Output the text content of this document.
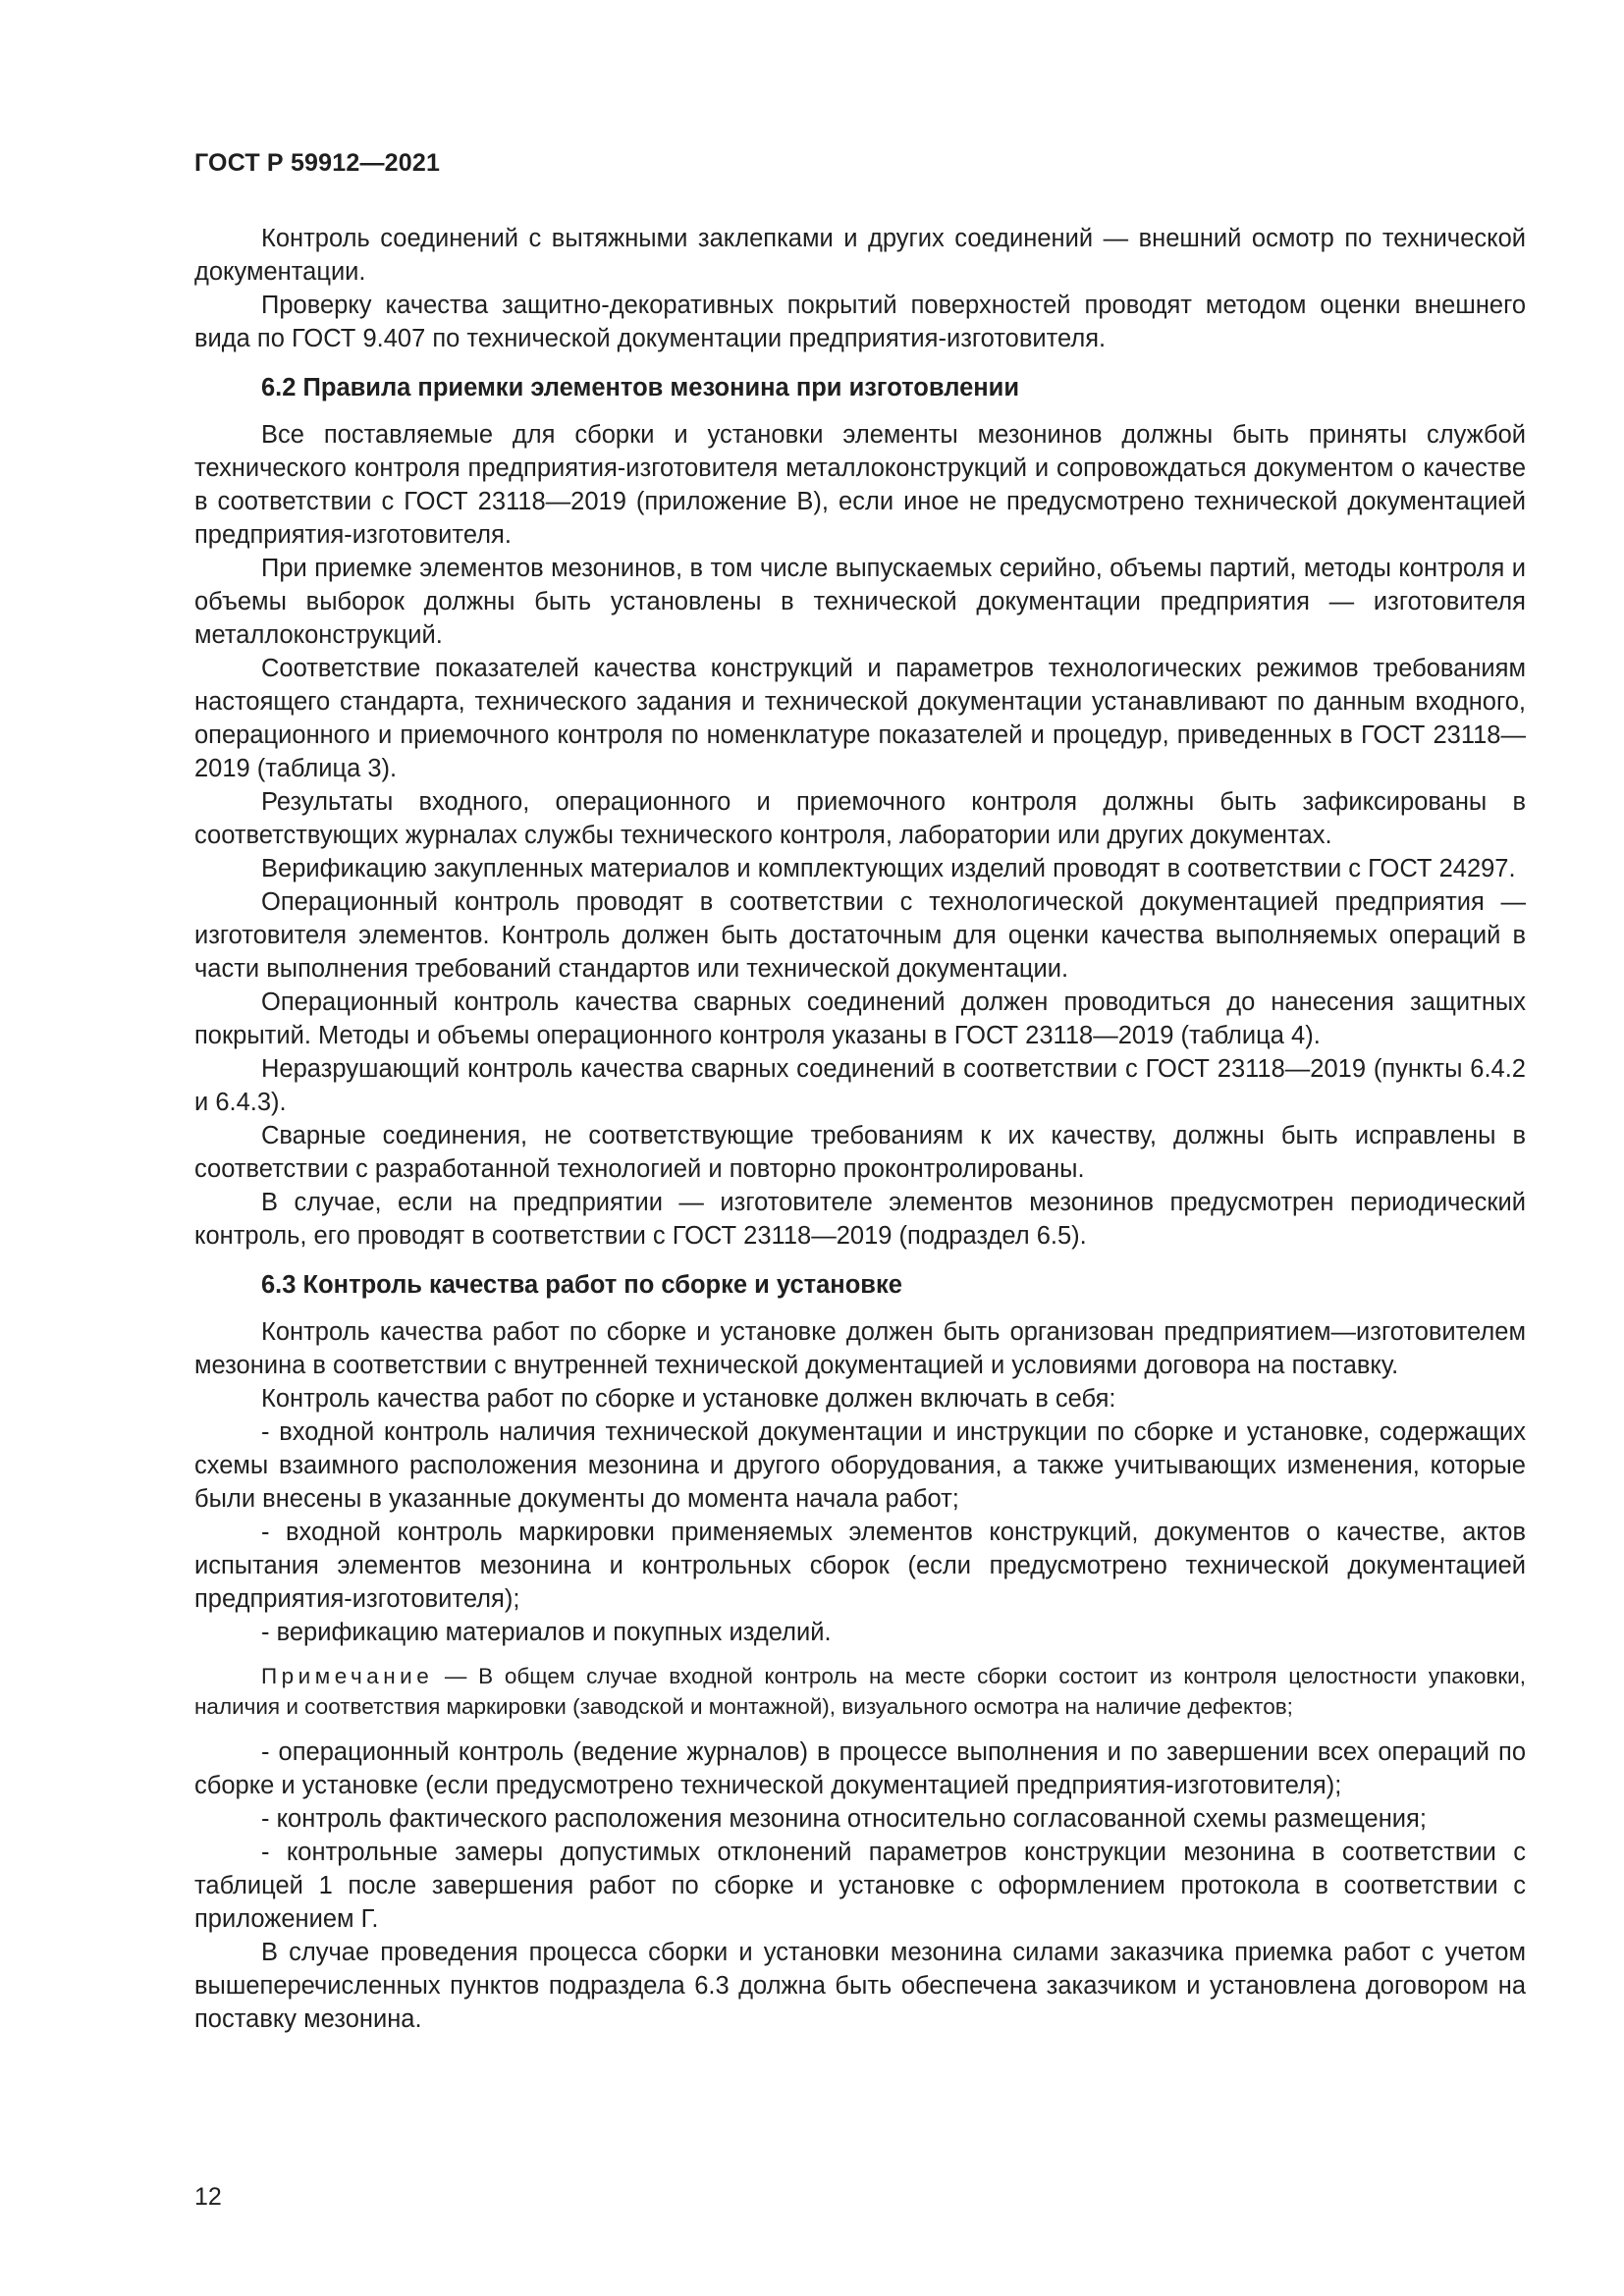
ГОСТ Р 59912—2021

Контроль соединений с вытяжными заклепками и других соединений — внешний осмотр по технической документации.

Проверку качества защитно-декоративных покрытий поверхностей проводят методом оценки внешнего вида по ГОСТ 9.407 по технической документации предприятия-изготовителя.

6.2 Правила приемки элементов мезонина при изготовлении

Все поставляемые для сборки и установки элементы мезонинов должны быть приняты службой технического контроля предприятия-изготовителя металлоконструкций и сопровождаться документом о качестве в соответствии с ГОСТ 23118—2019 (приложение В), если иное не предусмотрено технической документацией предприятия-изготовителя.

При приемке элементов мезонинов, в том числе выпускаемых серийно, объемы партий, методы контроля и объемы выборок должны быть установлены в технической документации предприятия — изготовителя металлоконструкций.

Соответствие показателей качества конструкций и параметров технологических режимов требованиям настоящего стандарта, технического задания и технической документации устанавливают по данным входного, операционного и приемочного контроля по номенклатуре показателей и процедур, приведенных в ГОСТ 23118—2019 (таблица 3).

Результаты входного, операционного и приемочного контроля должны быть зафиксированы в соответствующих журналах службы технического контроля, лаборатории или других документах.

Верификацию закупленных материалов и комплектующих изделий проводят в соответствии с ГОСТ 24297.

Операционный контроль проводят в соответствии с технологической документацией предприятия — изготовителя элементов. Контроль должен быть достаточным для оценки качества выполняемых операций в части выполнения требований стандартов или технической документации.

Операционный контроль качества сварных соединений должен проводиться до нанесения защитных покрытий. Методы и объемы операционного контроля указаны в ГОСТ 23118—2019 (таблица 4).

Неразрушающий контроль качества сварных соединений в соответствии с ГОСТ 23118—2019 (пункты 6.4.2 и 6.4.3).

Сварные соединения, не соответствующие требованиям к их качеству, должны быть исправлены в соответствии с разработанной технологией и повторно проконтролированы.

В случае, если на предприятии — изготовителе элементов мезонинов предусмотрен периодический контроль, его проводят в соответствии с ГОСТ 23118—2019 (подраздел 6.5).

6.3 Контроль качества работ по сборке и установке

Контроль качества работ по сборке и установке должен быть организован предприятием—изготовителем мезонина в соответствии с внутренней технической документацией и условиями договора на поставку.

Контроль качества работ по сборке и установке должен включать в себя:

- входной контроль наличия технической документации и инструкции по сборке и установке, содержащих схемы взаимного расположения мезонина и другого оборудования, а также учитывающих изменения, которые были внесены в указанные документы до момента начала работ;

- входной контроль маркировки применяемых элементов конструкций, документов о качестве, актов испытания элементов мезонина и контрольных сборок (если предусмотрено технической документацией предприятия-изготовителя);

- верификацию материалов и покупных изделий.

Примечание — В общем случае входной контроль на месте сборки состоит из контроля целостности упаковки, наличия и соответствия маркировки (заводской и монтажной), визуального осмотра на наличие дефектов;

- операционный контроль (ведение журналов) в процессе выполнения и по завершении всех операций по сборке и установке (если предусмотрено технической документацией предприятия-изготовителя);

- контроль фактического расположения мезонина относительно согласованной схемы размещения;

- контрольные замеры допустимых отклонений параметров конструкции мезонина в соответствии с таблицей 1 после завершения работ по сборке и установке с оформлением протокола в соответствии с приложением Г.

В случае проведения процесса сборки и установки мезонина силами заказчика приемка работ с учетом вышеперечисленных пунктов подраздела 6.3 должна быть обеспечена заказчиком и установлена договором на поставку мезонина.

12
